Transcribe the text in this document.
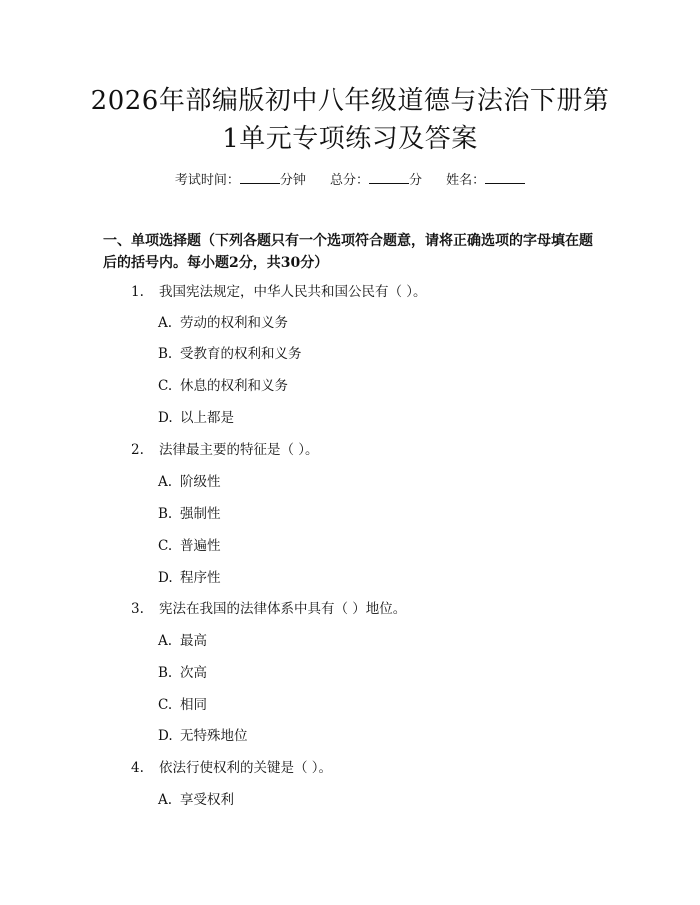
2026年部编版初中八年级道德与法治下册第
1单元专项练习及答案
考试时间：	分钟 总分：	分 姓名：
一、单项选择题（下列各题只有一个选项符合题意，请将正确选项的字母填在题后的括号内。每小题2分，共30分）
1. 我国宪法规定，中华人民共和国公民有（ ）。
A. 劳动的权利和义务
B. 受教育的权利和义务
C. 休息的权利和义务
D. 以上都是
2. 法律最主要的特征是（ ）。
A. 阶级性
B. 强制性
C. 普遍性
D. 程序性
3. 宪法在我国的法律体系中具有（ ）地位。
A. 最高
B. 次高
C. 相同
D. 无特殊地位
4. 依法行使权利的关键是（ ）。
A. 享受权利
